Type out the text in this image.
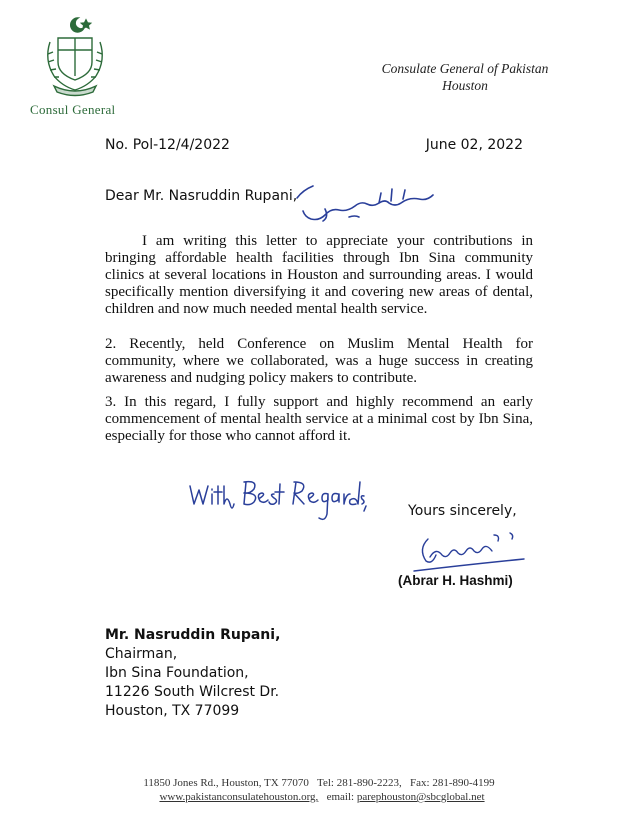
Consul General
Consulate General of Pakistan
Houston
No. Pol-12/4/2022	June 02, 2022
Dear Mr. Nasruddin Rupani,
I am writing this letter to appreciate your contributions in bringing affordable health facilities through Ibn Sina community clinics at several locations in Houston and surrounding areas. I would specifically mention diversifying it and covering new areas of dental, children and now much needed mental health service.
2. Recently, held Conference on Muslim Mental Health for community, where we collaborated, was a huge success in creating awareness and nudging policy makers to contribute.
3. In this regard, I fully support and highly recommend an early commencement of mental health service at a minimal cost by Ibn Sina, especially for those who cannot afford it.
Yours sincerely,
(Abrar H. Hashmi)
Mr. Nasruddin Rupani,
Chairman,
Ibn Sina Foundation,
11226 South Wilcrest Dr.
Houston, TX 77099
11850 Jones Rd., Houston, TX 77070 Tel: 281-890-2223, Fax: 281-890-4199
www.pakistanconsulatehouston.org, email: parephouston@sbcglobal.net
